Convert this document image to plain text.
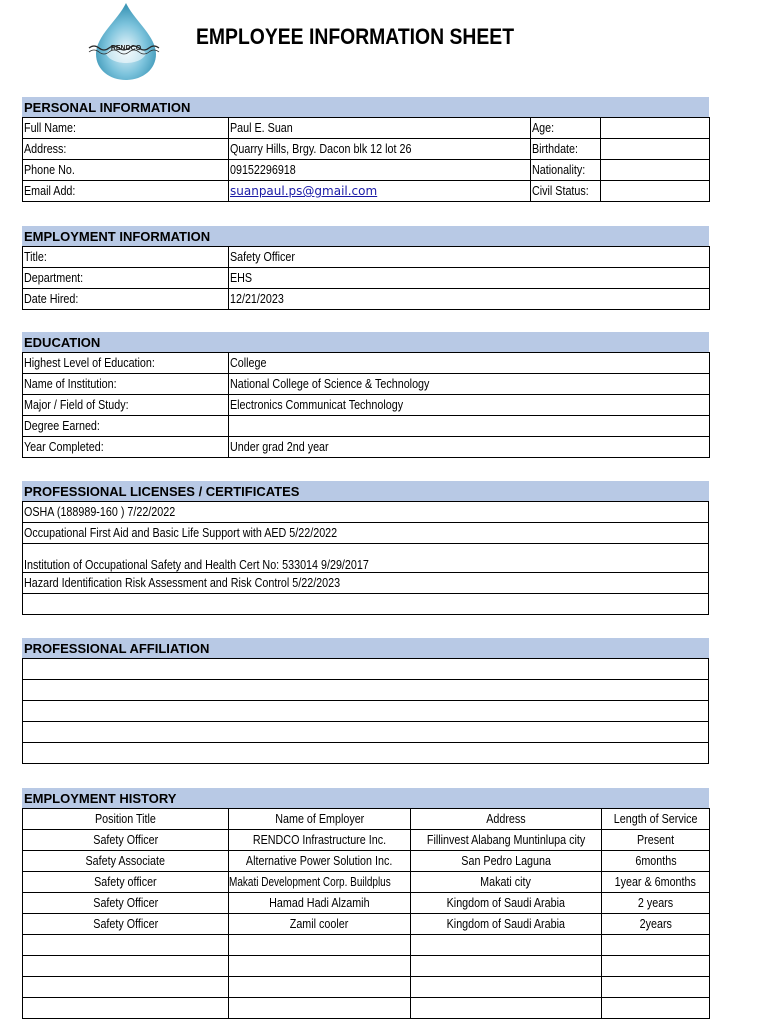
RENDCO EMPLOYEE INFORMATION SHEET
PERSONAL INFORMATION
Full Name:	Paul E. Suan	Age:	
Address:	Quarry Hills, Brgy. Dacon blk 12 lot 26	Birthdate:	
Phone No.	09152296918	Nationality:	
Email Add:	suanpaul.ps@gmail.com	Civil Status:	
EMPLOYMENT INFORMATION
Title:	Safety Officer
Department:	EHS
Date Hired:	12/21/2023
EDUCATION
Highest Level of Education:	College
Name of Institution:	National College of Science & Technology
Major / Field of Study:	Electronics Communicat Technology
Degree Earned:	
Year Completed:	Under grad 2nd year
PROFESSIONAL LICENSES / CERTIFICATES
OSHA (188989-160 ) 7/22/2022
Occupational First Aid and Basic Life Support with AED 5/22/2022
Institution of Occupational Safety and Health Cert No: 533014 9/29/2017
Hazard Identification Risk Assessment and Risk Control 5/22/2023

PROFESSIONAL AFFILIATION

EMPLOYMENT HISTORY
Position Title	Name of Employer	Address	Length of Service
Safety Officer	RENDCO Infrastructure Inc.	Fillinvest Alabang Muntinlupa city	Present
Safety Associate	Alternative Power Solution Inc.	San Pedro Laguna	6months
Safety officer	Makati Development Corp. Buildplus	Makati city	1year & 6months
Safety Officer	Hamad Hadi Alzamih	Kingdom of Saudi Arabia	2 years
Safety Officer	Zamil cooler	Kingdom of Saudi Arabia	2years
